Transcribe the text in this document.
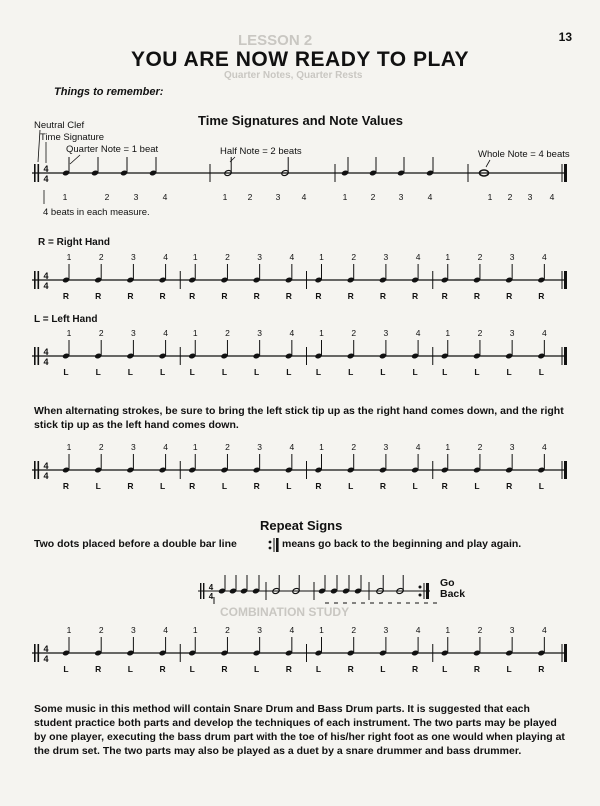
LESSON 2
Quarter Notes, Quarter Rests
COMBINATION STUDY
13
YOU ARE NOW READY TO PLAY
Things to remember:
Time Signatures and Note Values
Neutral Clef
Time Signature
Quarter Note = 1 beat	Half Note = 2 beats	Whole Note = 4 beats
4 beats in each measure.
4
4
1	2	3	4	1 2	3	4	1	2	3	4	1 2 3 4
4
4
1
R
2
R
3
R
4
R
1
R
2
R
3
R
4
R
1
R
2
R
3
R
4
R
1
R
2
R
3
R
4
R
4
4
1
L
2
L
3
L
4
L
1
L
2
L
3
L
4
L
1
L
2
L
3
L
4
L
1
L
2
L
3
L
4
L
4
4
1
R
2
L
3
R
4
L
1
R
2
L
3
R
4
L
1
R
2
L
3
R
4
L
1
R
2
L
3
R
4
L
4
4
4
4
1
L
2
R
3
L
4
R
1
L
2
R
3
L
4
R
1
L
2
R
3
L
4
R
1
L
2
R
3
L
4
R
R = Right Hand
L = Left Hand
When alternating strokes, be sure to bring the left stick tip up as the right hand comes down, and the right stick tip up as the left hand comes down.
Repeat Signs
Two dots placed before a double bar line	means go back to the beginning and play again.
Go
Back
Some music in this method will contain Snare Drum and Bass Drum parts. It is suggested that each student practice both parts and develop the techniques of each instrument. The two parts may be played by one player, executing the bass drum part with the toe of his/her right foot as one would when playing at the drum set. The two parts may also be played as a duet by a snare drummer and bass drummer.
